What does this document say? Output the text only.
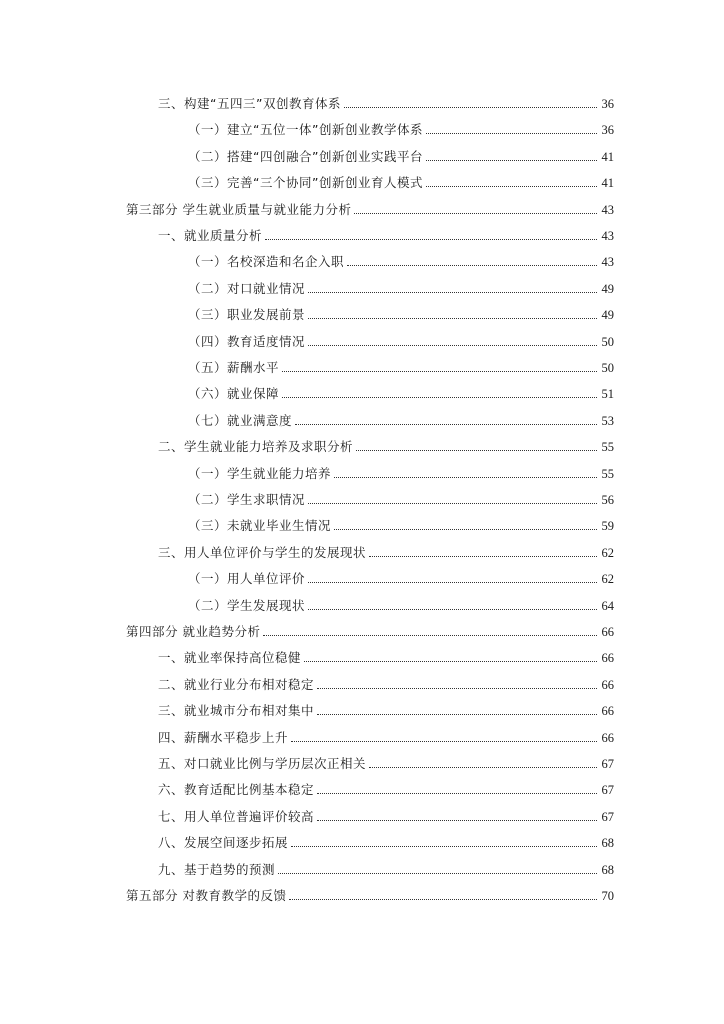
三、构建“五四三”双创教育体系	36
（一）建立“五位一体”创新创业教学体系	36
（二）搭建“四创融合”创新创业实践平台	41
（三）完善“三个协同”创新创业育人模式	41
第三部分 学生就业质量与就业能力分析	43
一、就业质量分析	43
（一）名校深造和名企入职	43
（二）对口就业情况	49
（三）职业发展前景	49
（四）教育适度情况	50
（五）薪酬水平	50
（六）就业保障	51
（七）就业满意度	53
二、学生就业能力培养及求职分析	55
（一）学生就业能力培养	55
（二）学生求职情况	56
（三）未就业毕业生情况	59
三、用人单位评价与学生的发展现状	62
（一）用人单位评价	62
（二）学生发展现状	64
第四部分 就业趋势分析	66
一、就业率保持高位稳健	66
二、就业行业分布相对稳定	66
三、就业城市分布相对集中	66
四、薪酬水平稳步上升	66
五、对口就业比例与学历层次正相关	67
六、教育适配比例基本稳定	67
七、用人单位普遍评价较高	67
八、发展空间逐步拓展	68
九、基于趋势的预测	68
第五部分 对教育教学的反馈	70
